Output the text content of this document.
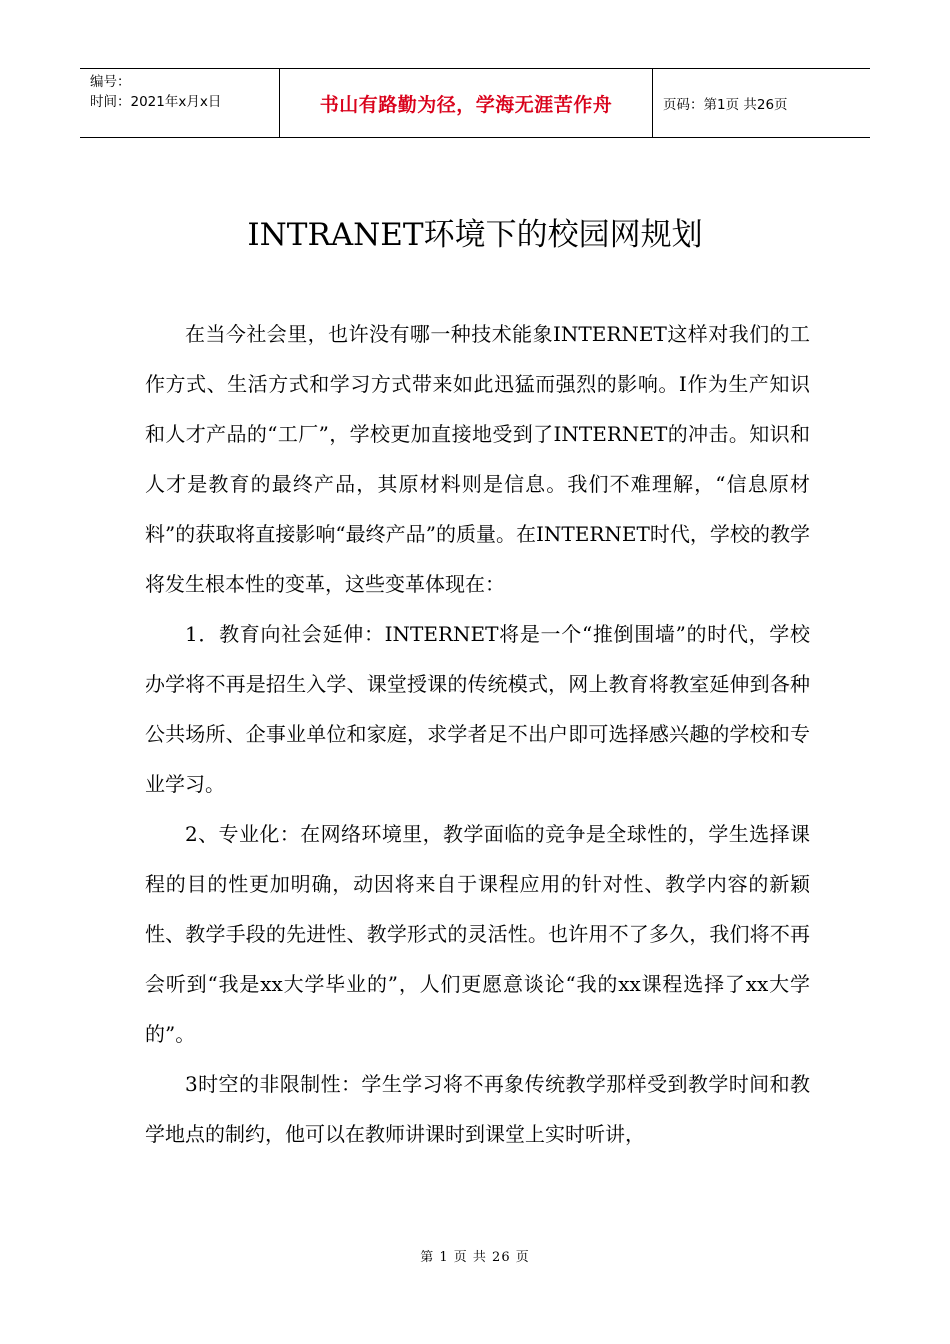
编号：
时间：2021年x月x日	书山有路勤为径，学海无涯苦作舟	页码：第1页 共26页
INTRANET环境下的校园网规划

在当今社会里，也许没有哪一种技术能象INTERNET这样对我们的工作方式、生活方式和学习方式带来如此迅猛而强烈的影响。I作为生产知识和人才产品的“工厂”，学校更加直接地受到了INTERNET的冲击。知识和人才是教育的最终产品，其原材料则是信息。我们不难理解，“信息原材料”的获取将直接影响“最终产品”的质量。在INTERNET时代，学校的教学将发生根本性的变革，这些变革体现在：

1．教育向社会延伸：INTERNET将是一个“推倒围墙”的时代，学校办学将不再是招生入学、课堂授课的传统模式，网上教育将教室延伸到各种公共场所、企事业单位和家庭，求学者足不出户即可选择感兴趣的学校和专业学习。

2、专业化：在网络环境里，教学面临的竞争是全球性的，学生选择课程的目的性更加明确，动因将来自于课程应用的针对性、教学内容的新颖性、教学手段的先进性、教学形式的灵活性。也许用不了多久，我们将不再会听到“我是xx大学毕业的”，人们更愿意谈论“我的xx课程选择了xx大学的”。

3时空的非限制性：学生学习将不再象传统教学那样受到教学时间和教学地点的制约，他可以在教师讲课时到课堂上实时听讲，

第 1 页 共 26 页
